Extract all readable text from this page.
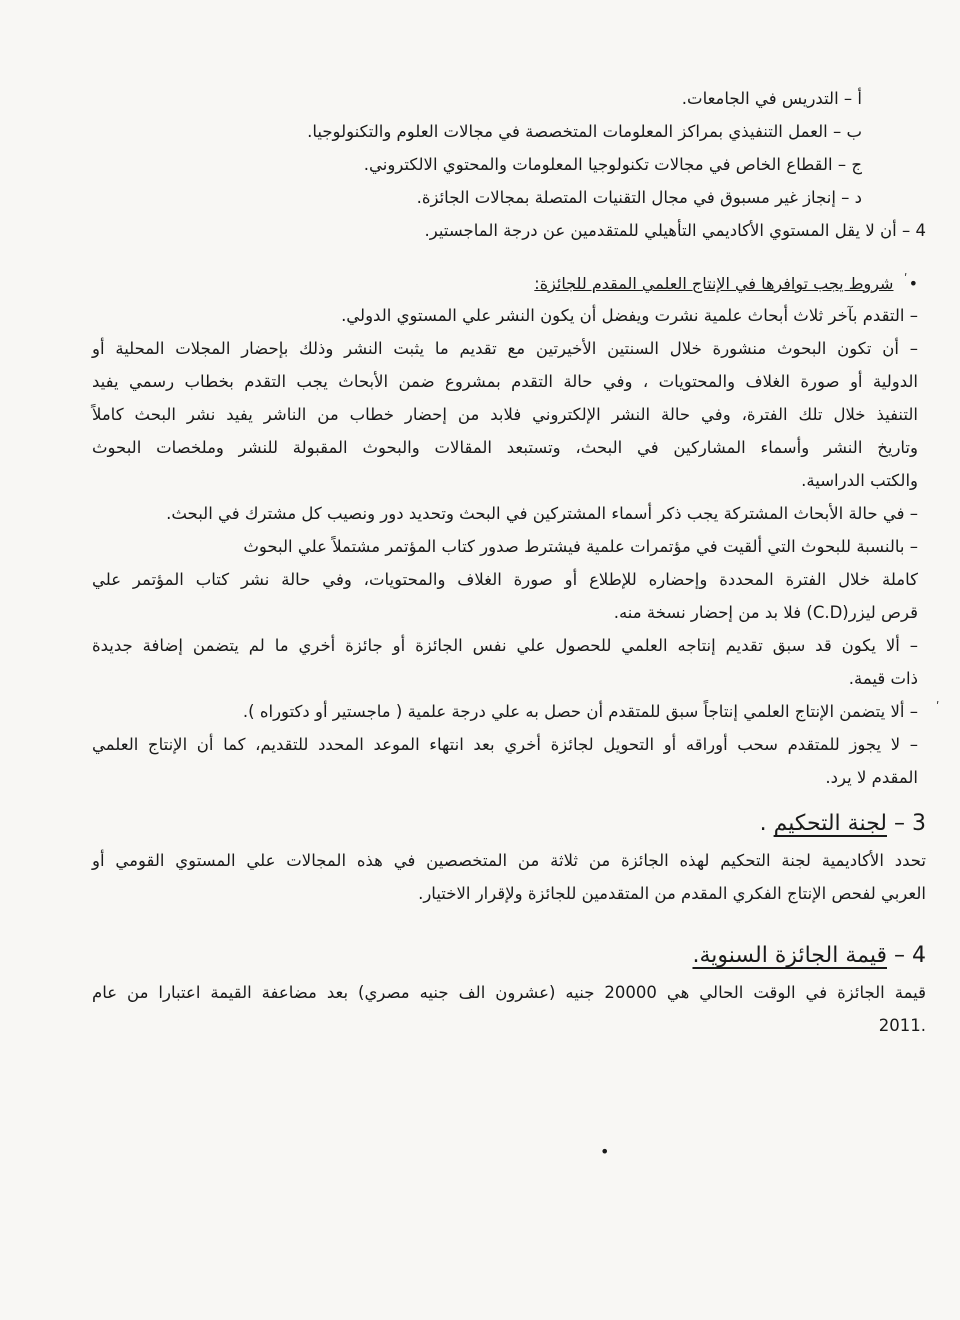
أ – التدريس في الجامعات.
ب – العمل التنفيذي بمراكز المعلومات المتخصصة في مجالات العلوم والتكنولوجيا.
ج – القطاع الخاص في مجالات تكنولوجيا المعلومات والمحتوي الالكتروني.
د – إنجاز غير مسبوق في مجال التقنيات المتصلة بمجالات الجائزة.
4 – أن لا يقل المستوي الأكاديمي التأهيلي للمتقدمين عن درجة الماجستير.
• شروط يجب توافرها في الإنتاج العلمي المقدم للجائزة:
– التقدم بآخر ثلاث أبحاث علمية نشرت ويفضل أن يكون النشر علي المستوي الدولي.
– أن تكون البحوث منشورة خلال السنتين الأخيرتين مع تقديم ما يثبت النشر وذلك بإحضار المجلات المحلية أو
الدولية أو صورة الغلاف والمحتويات ، وفي حالة التقدم بمشروع ضمن الأبحاث يجب التقدم بخطاب رسمي يفيد
التنفيذ خلال تلك الفترة، وفي حالة النشر الإلكتروني فلابد من إحضار خطاب من الناشر يفيد نشر البحث كاملاً
وتاريخ النشر وأسماء المشاركين في البحث، وتستبعد المقالات والبحوث المقبولة للنشر وملخصات البحوث
والكتب الدراسية.
– في حالة الأبحاث المشتركة يجب ذكر أسماء المشتركين في البحث وتحديد دور ونصيب كل مشترك في البحث.
– بالنسبة للبحوث التي ألقيت في مؤتمرات علمية فيشترط صدور كتاب المؤتمر مشتملاً علي البحوث
كاملة خلال الفترة المحددة وإحضاره للإطلاع أو صورة الغلاف والمحتويات، وفي حالة نشر كتاب المؤتمر علي
قرص ليزر(C.D) فلا بد من إحضار نسخة منه.
– ألا يكون قد سبق تقديم إنتاجه العلمي للحصول علي نفس الجائزة أو جائزة أخري ما لم يتضمن إضافة جديدة
ذات قيمة.
– ألا يتضمن الإنتاج العلمي إنتاجاً سبق للمتقدم أن حصل به علي درجة علمية ( ماجستير أو دكتوراه ).
– لا يجوز للمتقدم سحب أوراقه أو التحويل لجائزة أخري بعد انتهاء الموعد المحدد للتقديم، كما أن الإنتاج العلمي
المقدم لا يرد.
3 – لجنة التحكيم .
تحدد الأكاديمية لجنة التحكيم لهذه الجائزة من ثلاثة من المتخصصين في هذه المجالات علي المستوي القومي أو
العربي لفحص الإنتاج الفكري المقدم من المتقدمين للجائزة ولإقرار الاختيار.
4 – قيمة الجائزة السنوية.
قيمة الجائزة في الوقت الحالي هي 20000 جنيه (عشرون الف جنيه مصري) بعد مضاعفة القيمة اعتبارا من عام
.2011
•
ʹ
ʹ
